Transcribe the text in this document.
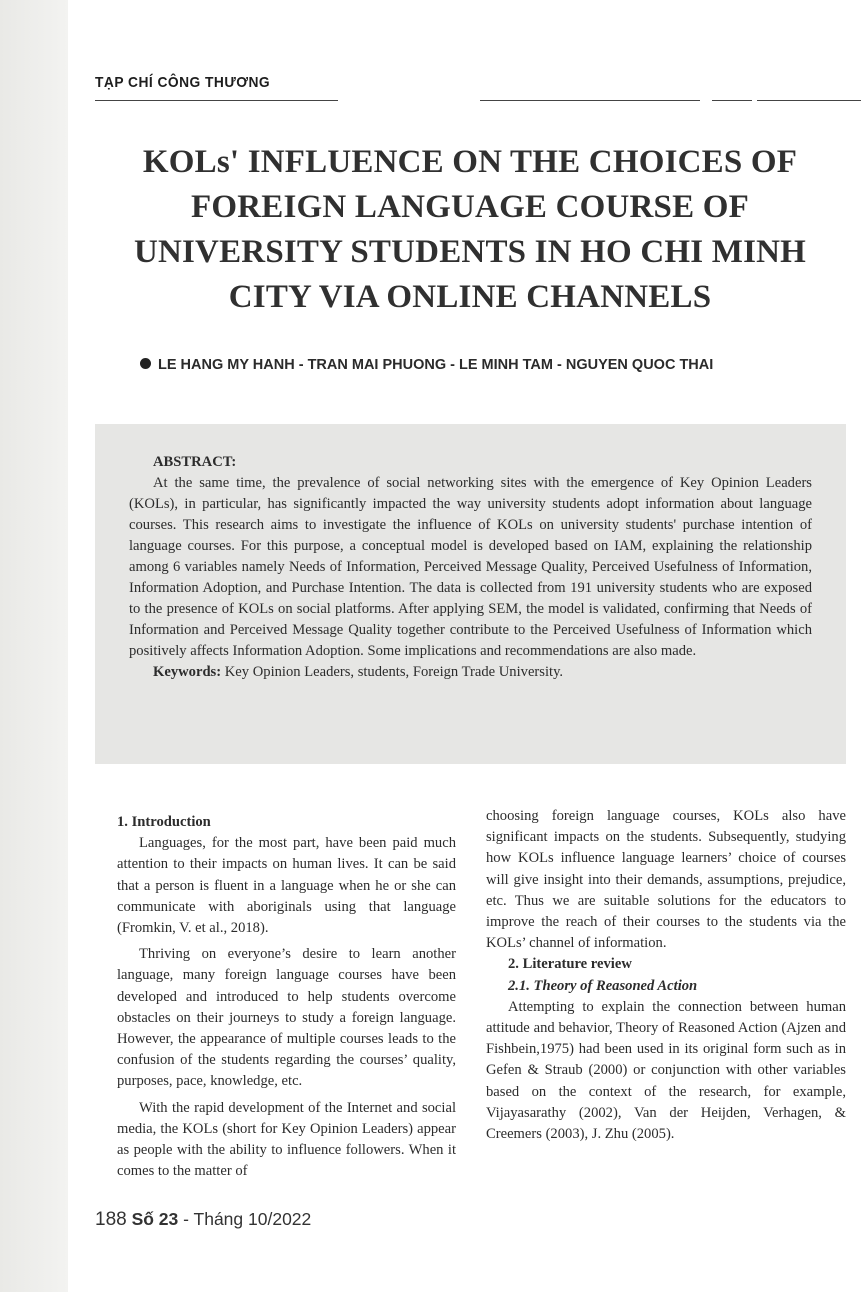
TẠP CHÍ CÔNG THƯƠNG
KOLs' INFLUENCE ON THE CHOICES OF
FOREIGN LANGUAGE COURSE OF
UNIVERSITY STUDENTS IN HO CHI MINH
CITY VIA ONLINE CHANNELS
LE HANG MY HANH - TRAN MAI PHUONG - LE MINH TAM - NGUYEN QUOC THAI
ABSTRACT:
At the same time, the prevalence of social networking sites with the emergence of Key Opinion Leaders (KOLs), in particular, has significantly impacted the way university students adopt information about language courses. This research aims to investigate the influence of KOLs on university students' purchase intention of language courses. For this purpose, a conceptual model is developed based on IAM, explaining the relationship among 6 variables namely Needs of Information, Perceived Message Quality, Perceived Usefulness of Information, Information Adoption, and Purchase Intention. The data is collected from 191 university students who are exposed to the presence of KOLs on social platforms. After applying SEM, the model is validated, confirming that Needs of Information and Perceived Message Quality together contribute to the Perceived Usefulness of Information which positively affects Information Adoption. Some implications and recommendations are also made.
Keywords: Key Opinion Leaders, students, Foreign Trade University.

1. Introduction

Languages, for the most part, have been paid much attention to their impacts on human lives. It can be said that a person is fluent in a language when he or she can communicate with aboriginals using that language (Fromkin, V. et al., 2018).

Thriving on everyone’s desire to learn another language, many foreign language courses have been developed and introduced to help students overcome obstacles on their journeys to study a foreign language. However, the appearance of multiple courses leads to the confusion of the students regarding the courses’ quality, purposes, pace, knowledge, etc.

With the rapid development of the Internet and social media, the KOLs (short for Key Opinion Leaders) appear as people with the ability to influence followers. When it comes to the matter of

choosing foreign language courses, KOLs also have significant impacts on the students. Subsequently, studying how KOLs influence language learners’ choice of courses will give insight into their demands, assumptions, prejudice, etc. Thus we are suitable solutions for the educators to improve the reach of their courses to the students via the KOLs’ channel of information.

2. Literature review

2.1. Theory of Reasoned Action

Attempting to explain the connection between human attitude and behavior, Theory of Reasoned Action (Ajzen and Fishbein,1975) had been used in its original form such as in Gefen & Straub (2000) or conjunction with other variables based on the context of the research, for example, Vijayasarathy (2002), Van der Heijden, Verhagen, & Creemers (2003), J. Zhu (2005).

188 Số 23 - Tháng 10/2022
